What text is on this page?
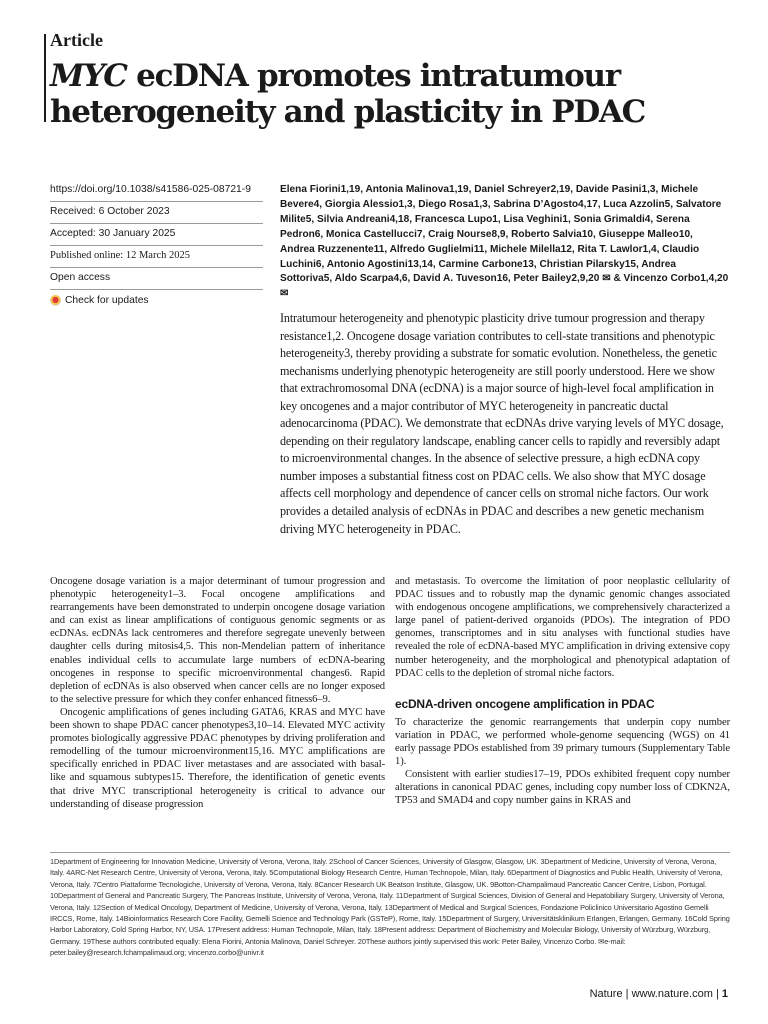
Article
MYC ecDNA promotes intratumour heterogeneity and plasticity in PDAC
https://doi.org/10.1038/s41586-025-08721-9
Received: 6 October 2023
Accepted: 30 January 2025
Published online: 12 March 2025
Open access
Check for updates
Elena Fiorini1,19, Antonia Malinova1,19, Daniel Schreyer2,19, Davide Pasini1,3, Michele Bevere4, Giorgia Alessio1,3, Diego Rosa1,3, Sabrina D’Agosto4,17, Luca Azzolin5, Salvatore Milite5, Silvia Andreani4,18, Francesca Lupo1, Lisa Veghini1, Sonia Grimaldi4, Serena Pedron6, Monica Castellucci7, Craig Nourse8,9, Roberto Salvia10, Giuseppe Malleo10, Andrea Ruzzenente11, Alfredo Guglielmi11, Michele Milella12, Rita T. Lawlor1,4, Claudio Luchini6, Antonio Agostini13,14, Carmine Carbone13, Christian Pilarsky15, Andrea Sottoriva5, Aldo Scarpa4,6, David A. Tuveson16, Peter Bailey2,9,20 ✉ & Vincenzo Corbo1,4,20 ✉
Intratumour heterogeneity and phenotypic plasticity drive tumour progression and therapy resistance1,2. Oncogene dosage variation contributes to cell-state transitions and phenotypic heterogeneity3, thereby providing a substrate for somatic evolution. Nonetheless, the genetic mechanisms underlying phenotypic heterogeneity are still poorly understood. Here we show that extrachromosomal DNA (ecDNA) is a major source of high-level focal amplification in key oncogenes and a major contributor of MYC heterogeneity in pancreatic ductal adenocarcinoma (PDAC). We demonstrate that ecDNAs drive varying levels of MYC dosage, depending on their regulatory landscape, enabling cancer cells to rapidly and reversibly adapt to microenvironmental changes. In the absence of selective pressure, a high ecDNA copy number imposes a substantial fitness cost on PDAC cells. We also show that MYC dosage affects cell morphology and dependence of cancer cells on stromal niche factors. Our work provides a detailed analysis of ecDNAs in PDAC and describes a new genetic mechanism driving MYC heterogeneity in PDAC.

Oncogene dosage variation is a major determinant of tumour progression and phenotypic heterogeneity1–3. Focal oncogene amplifications and rearrangements have been demonstrated to underpin oncogene dosage variation and can exist as linear amplifications of contiguous genomic segments or as ecDNAs. ecDNAs lack centromeres and therefore segregate unevenly between daughter cells during mitosis4,5. This non-Mendelian pattern of inheritance enables individual cells to accumulate large numbers of ecDNA-bearing oncogenes in response to specific microenvironmental changes6. Rapid depletion of ecDNAs is also observed when cancer cells are no longer exposed to the selective pressure for which they confer enhanced fitness6–9.

Oncogenic amplifications of genes including GATA6, KRAS and MYC have been shown to shape PDAC cancer phenotypes3,10–14. Elevated MYC activity promotes biologically aggressive PDAC phenotypes by driving proliferation and remodelling of the tumour microenvironment15,16. MYC amplifications are specifically enriched in PDAC liver metastases and are associated with basal-like and squamous subtypes15. Therefore, the identification of genetic events that drive MYC transcriptional heterogeneity is critical to advance our understanding of disease progression

and metastasis. To overcome the limitation of poor neoplastic cellularity of PDAC tissues and to robustly map the dynamic genomic changes associated with endogenous oncogene amplifications, we comprehensively characterized a large panel of patient-derived organoids (PDOs). The integration of PDO genomes, transcriptomes and in situ analyses with functional studies have revealed the role of ecDNA-based MYC amplification in driving extensive copy number heterogeneity, and the morphological and phenotypical adaptation of PDAC cells to the depletion of stromal niche factors.

ecDNA-driven oncogene amplification in PDAC

To characterize the genomic rearrangements that underpin copy number variation in PDAC, we performed whole-genome sequencing (WGS) on 41 early passage PDOs established from 39 primary tumours (Supplementary Table 1).

Consistent with earlier studies17–19, PDOs exhibited frequent copy number alterations in canonical PDAC genes, including copy number loss of CDKN2A, TP53 and SMAD4 and copy number gains in KRAS and

1Department of Engineering for Innovation Medicine, University of Verona, Verona, Italy. 2School of Cancer Sciences, University of Glasgow, Glasgow, UK. 3Department of Medicine, University of Verona, Verona, Italy. 4ARC-Net Research Centre, University of Verona, Verona, Italy. 5Computational Biology Research Centre, Human Technopole, Milan, Italy. 6Department of Diagnostics and Public Health, University of Verona, Verona, Italy. 7Centro Piattaforme Tecnologiche, University of Verona, Verona, Italy. 8Cancer Research UK Beatson Institute, Glasgow, UK. 9Botton-Champalimaud Pancreatic Cancer Centre, Lisbon, Portugal. 10Department of General and Pancreatic Surgery, The Pancreas Institute, University of Verona, Verona, Italy. 11Department of Surgical Sciences, Division of General and Hepatobiliary Surgery, University of Verona, Verona, Italy. 12Section of Medical Oncology, Department of Medicine, University of Verona, Verona, Italy. 13Department of Medical and Surgical Sciences, Fondazione Policlinico Universitario Agostino Gemelli IRCCS, Rome, Italy. 14Bioinformatics Research Core Facility, Gemelli Science and Technology Park (GSTeP), Rome, Italy. 15Department of Surgery, Universitätsklinikum Erlangen, Erlangen, Germany. 16Cold Spring Harbor Laboratory, Cold Spring Harbor, NY, USA. 17Present address: Human Technopole, Milan, Italy. 18Present address: Department of Biochemistry and Molecular Biology, University of Würzburg, Würzburg, Germany. 19These authors contributed equally: Elena Fiorini, Antonia Malinova, Daniel Schreyer. 20These authors jointly supervised this work: Peter Bailey, Vincenzo Corbo. ✉e-mail: peter.bailey@research.fchampalimaud.org; vincenzo.corbo@univr.it
Nature | www.nature.com | 1
